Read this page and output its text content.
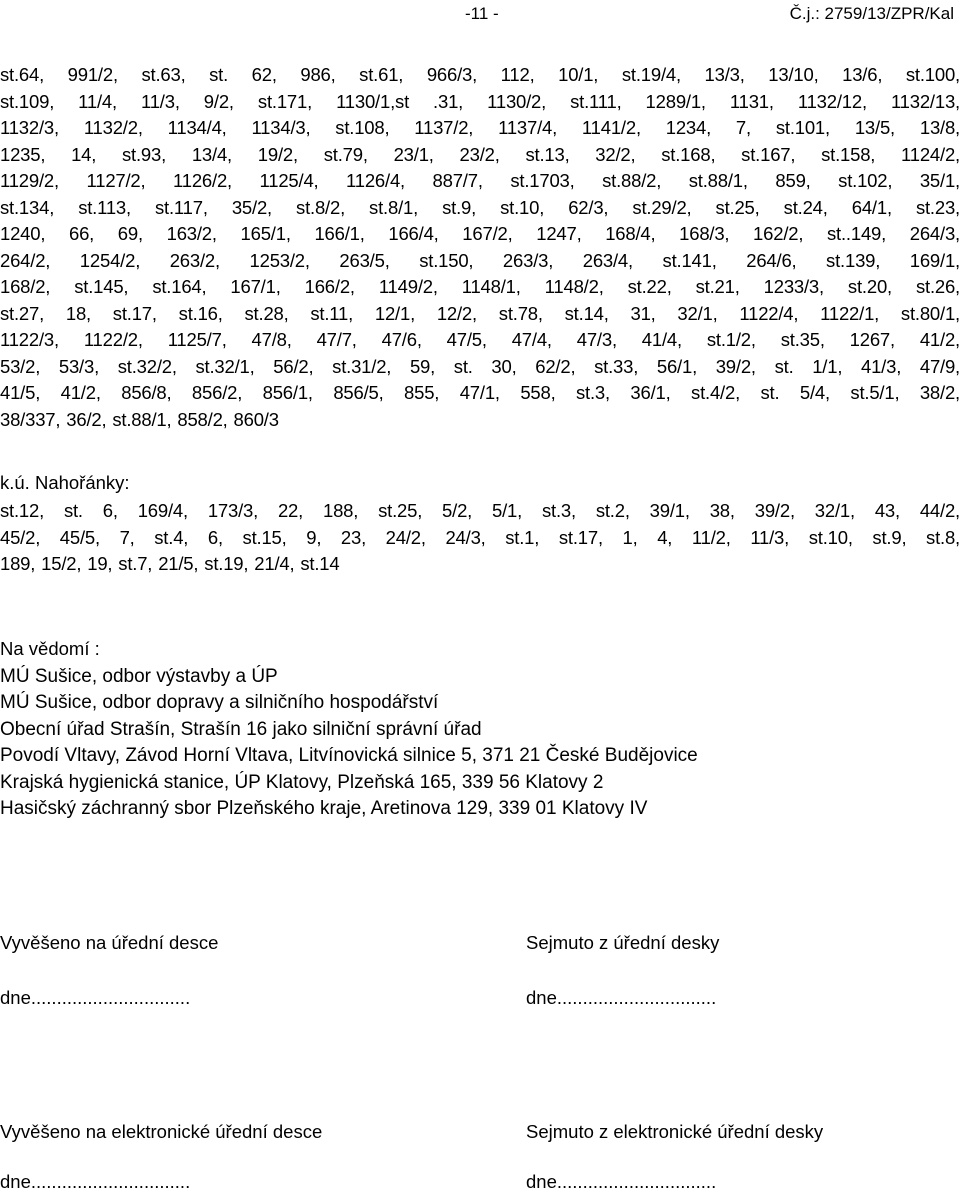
-11 -	Č.j.: 2759/13/ZPR/Kal
st.64, 991/2, st.63, st. 62, 986, st.61, 966/3, 112, 10/1, st.19/4, 13/3, 13/10, 13/6, st.100,
st.109, 11/4, 11/3, 9/2, st.171, 1130/1,st .31, 1130/2, st.111, 1289/1, 1131, 1132/12, 1132/13,
1132/3, 1132/2, 1134/4, 1134/3, st.108, 1137/2, 1137/4, 1141/2, 1234, 7, st.101, 13/5, 13/8,
1235, 14, st.93, 13/4, 19/2, st.79, 23/1, 23/2, st.13, 32/2, st.168, st.167, st.158, 1124/2,
1129/2, 1127/2, 1126/2, 1125/4, 1126/4, 887/7, st.1703, st.88/2, st.88/1, 859, st.102, 35/1,
st.134, st.113, st.117, 35/2, st.8/2, st.8/1, st.9, st.10, 62/3, st.29/2, st.25, st.24, 64/1, st.23,
1240, 66, 69, 163/2, 165/1, 166/1, 166/4, 167/2, 1247, 168/4, 168/3, 162/2, st..149, 264/3,
264/2, 1254/2, 263/2, 1253/2, 263/5, st.150, 263/3, 263/4, st.141, 264/6, st.139, 169/1,
168/2, st.145, st.164, 167/1, 166/2, 1149/2, 1148/1, 1148/2, st.22, st.21, 1233/3, st.20, st.26,
st.27, 18, st.17, st.16, st.28, st.11, 12/1, 12/2, st.78, st.14, 31, 32/1, 1122/4, 1122/1, st.80/1,
1122/3, 1122/2, 1125/7, 47/8, 47/7, 47/6, 47/5, 47/4, 47/3, 41/4, st.1/2, st.35, 1267, 41/2,
53/2, 53/3, st.32/2, st.32/1, 56/2, st.31/2, 59, st. 30, 62/2, st.33, 56/1, 39/2, st. 1/1, 41/3, 47/9,
41/5, 41/2, 856/8, 856/2, 856/1, 856/5, 855, 47/1, 558, st.3, 36/1, st.4/2, st. 5/4, st.5/1, 38/2,
38/337, 36/2, st.88/1, 858/2, 860/3

k.ú. Nahořánky:

st.12, st. 6, 169/4, 173/3, 22, 188, st.25, 5/2, 5/1, st.3, st.2, 39/1, 38, 39/2, 32/1, 43, 44/2,
45/2, 45/5, 7, st.4, 6, st.15, 9, 23, 24/2, 24/3, st.1, st.17, 1, 4, 11/2, 11/3, st.10, st.9, st.8,
189, 15/2, 19, st.7, 21/5, st.19, 21/4, st.14

Na vědomí :

MÚ Sušice, odbor výstavby a ÚP
MÚ Sušice, odbor dopravy a silničního hospodářství
Obecní úřad Strašín, Strašín 16 jako silniční správní úřad
Povodí Vltavy, Závod Horní Vltava, Litvínovická silnice 5, 371 21 České Budějovice
Krajská hygienická stanice, ÚP Klatovy, Plzeňská 165, 339 56 Klatovy 2
Hasičský záchranný sbor Plzeňského kraje, Aretinova 129, 339 01 Klatovy IV

Vyvěšeno na úřední desce	Sejmuto z úřední desky

dne...............................	dne...............................

Vyvěšeno na elektronické úřední desce	Sejmuto z elektronické úřední desky

dne...............................	dne...............................
